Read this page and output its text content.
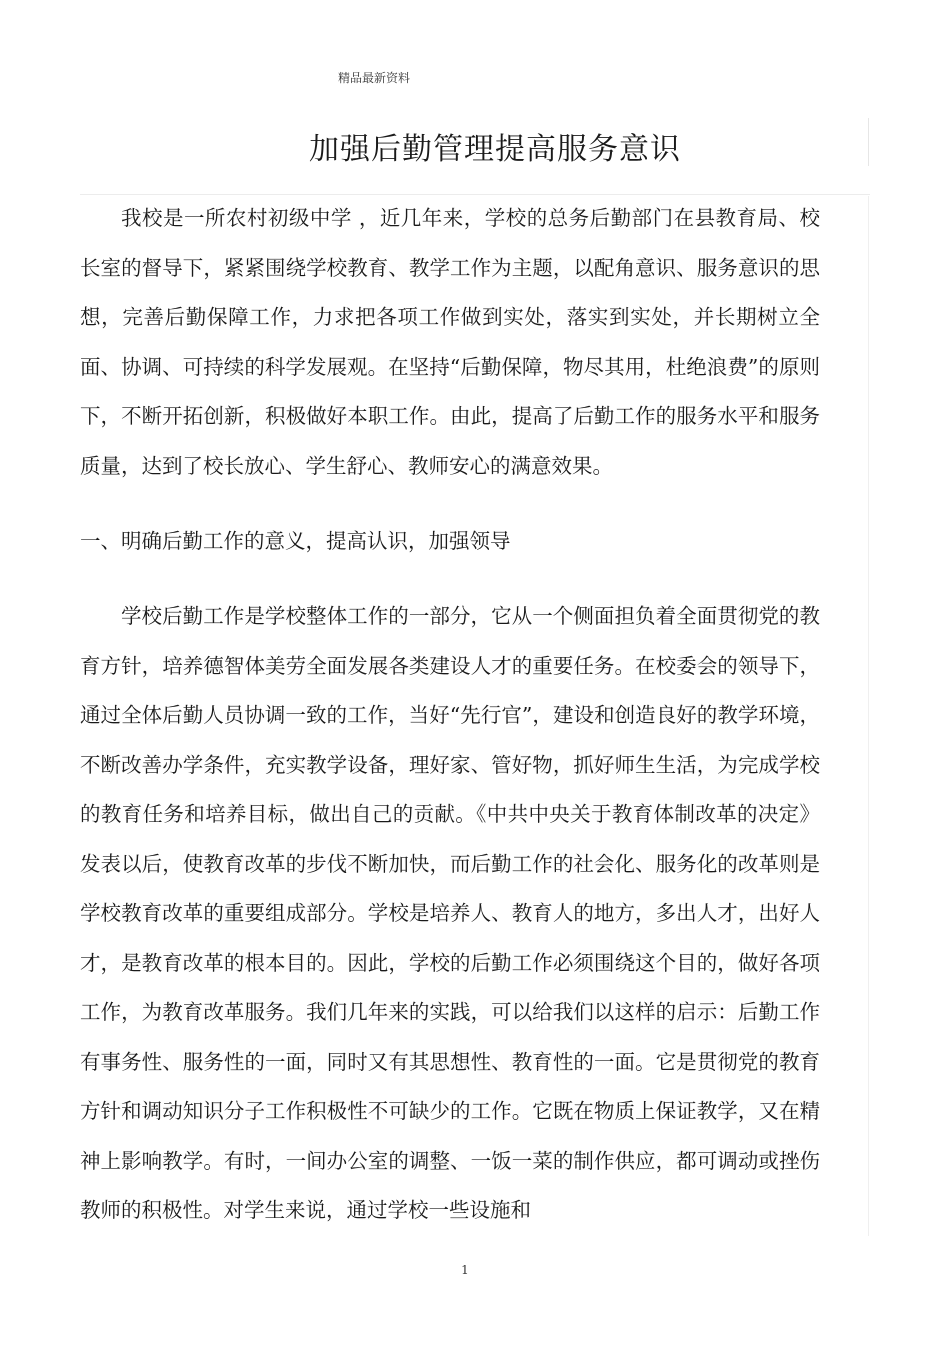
精品最新资料
加强后勤管理提高服务意识

我校是一所农村初级中学 ，近几年来，学校的总务后勤部门在县教育局、校长室的督导下，紧紧围绕学校教育、教学工作为主题，以配角意识、服务意识的思想，完善后勤保障工作，力求把各项工作做到实处，落实到实处，并长期树立全面、协调、可持续的科学发展观。在坚持“后勤保障，物尽其用，杜绝浪费”的原则下，不断开拓创新，积极做好本职工作。由此，提高了后勤工作的服务水平和服务质量，达到了校长放心、学生舒心、教师安心的满意效果。

一、明确后勤工作的意义，提高认识，加强领导

学校后勤工作是学校整体工作的一部分，它从一个侧面担负着全面贯彻党的教育方针，培养德智体美劳全面发展各类建设人才的重要任务。在校委会的领导下，通过全体后勤人员协调一致的工作，当好“先行官”，建设和创造良好的教学环境，不断改善办学条件，充实教学设备，理好家、管好物，抓好师生生活，为完成学校的教育任务和培养目标，做出自己的贡献。《中共中央关于教育体制改革的决定》发表以后，使教育改革的步伐不断加快，而后勤工作的社会化、服务化的改革则是学校教育改革的重要组成部分。学校是培养人、教育人的地方，多出人才，出好人才，是教育改革的根本目的。因此，学校的后勤工作必须围绕这个目的，做好各项工作，为教育改革服务。我们几年来的实践，可以给我们以这样的启示：后勤工作有事务性、服务性的一面，同时又有其思想性、教育性的一面。它是贯彻党的教育方针和调动知识分子工作积极性不可缺少的工作。它既在物质上保证教学，又在精神上影响教学。有时，一间办公室的调整、一饭一菜的制作供应，都可调动或挫伤教师的积极性。对学生来说，通过学校一些设施和

1
